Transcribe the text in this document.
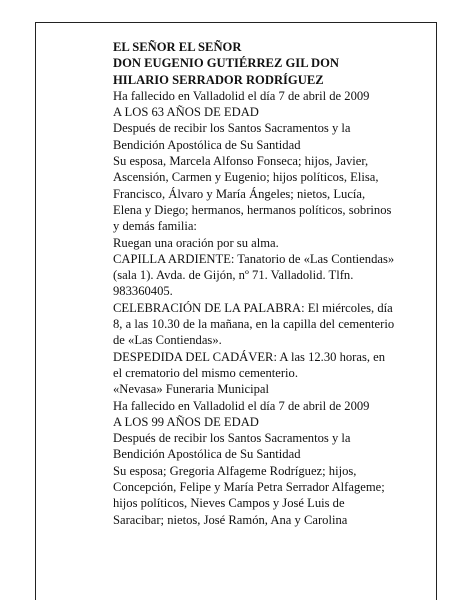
EL SEÑOR EL SEÑOR
DON EUGENIO GUTIÉRREZ GIL DON
HILARIO SERRADOR RODRÍGUEZ
Ha fallecido en Valladolid el día 7 de abril de 2009
A LOS 63 AÑOS DE EDAD
Después de recibir los Santos Sacramentos y la
Bendición Apostólica de Su Santidad
Su esposa, Marcela Alfonso Fonseca; hijos, Javier,
Ascensión, Carmen y Eugenio; hijos políticos, Elisa,
Francisco, Álvaro y María Ángeles; nietos, Lucía,
Elena y Diego; hermanos, hermanos políticos, sobrinos
y demás familia:
Ruegan una oración por su alma.
CAPILLA ARDIENTE: Tanatorio de «Las Contiendas»
(sala 1). Avda. de Gijón, nº 71. Valladolid. Tlfn.
983360405.
CELEBRACIÓN DE LA PALABRA: El miércoles, día
8, a las 10.30 de la mañana, en la capilla del cementerio
de «Las Contiendas».
DESPEDIDA DEL CADÁVER: A las 12.30 horas, en
el crematorio del mismo cementerio.
«Nevasa» Funeraria Municipal
Ha fallecido en Valladolid el día 7 de abril de 2009
A LOS 99 AÑOS DE EDAD
Después de recibir los Santos Sacramentos y la
Bendición Apostólica de Su Santidad
Su esposa; Gregoria Alfageme Rodríguez; hijos,
Concepción, Felipe y María Petra Serrador Alfageme;
hijos políticos, Nieves Campos y José Luis de
Saracibar; nietos, José Ramón, Ana y Carolina
